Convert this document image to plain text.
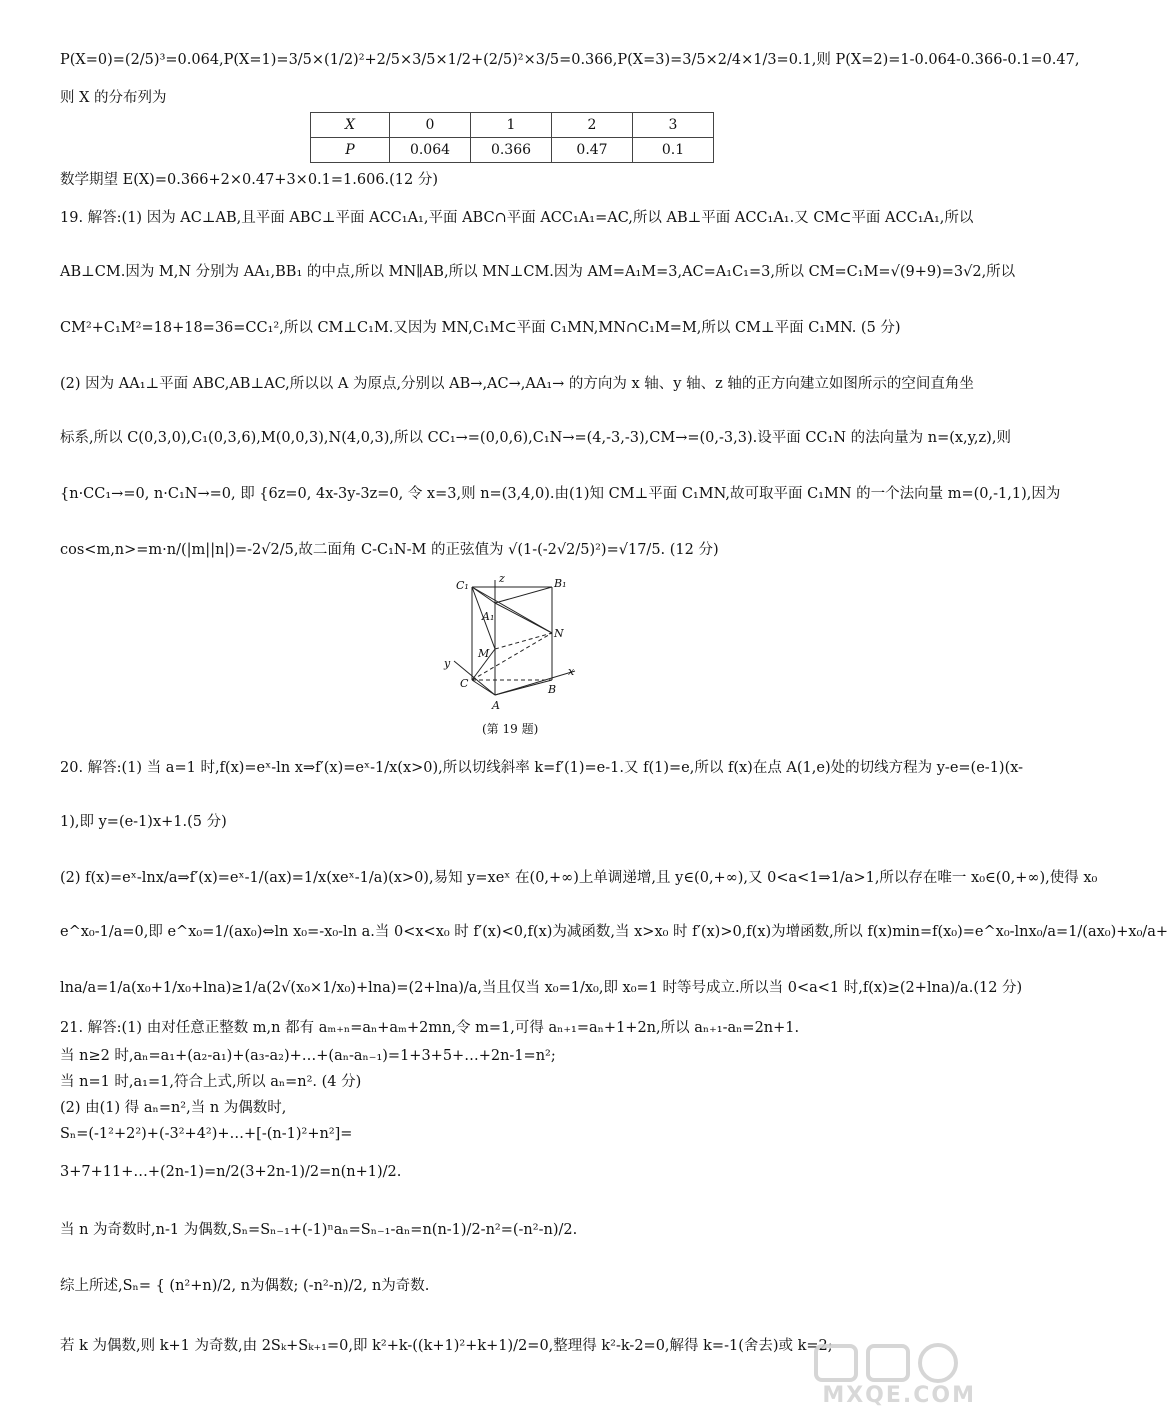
P(X=0)=(2/5)³=0.064,P(X=1)=3/5×(1/2)²+2/5×3/5×1/2+(2/5)²×3/5=0.366,P(X=3)=3/5×2/4×1/3=0.1,则 P(X=2)=1-0.064-0.366-0.1=0.47,
则 X 的分布列为
X	0	1	2	3
P	0.064	0.366	0.47	0.1
数学期望 E(X)=0.366+2×0.47+3×0.1=1.606.(12 分)
19. 解答:(1) 因为 AC⊥AB,且平面 ABC⊥平面 ACC₁A₁,平面 ABC∩平面 ACC₁A₁=AC,所以 AB⊥平面 ACC₁A₁.又 CM⊂平面 ACC₁A₁,所以
AB⊥CM.因为 M,N 分别为 AA₁,BB₁ 的中点,所以 MN∥AB,所以 MN⊥CM.因为 AM=A₁M=3,AC=A₁C₁=3,所以 CM=C₁M=√(9+9)=3√2,所以
CM²+C₁M²=18+18=36=CC₁²,所以 CM⊥C₁M.又因为 MN,C₁M⊂平面 C₁MN,MN∩C₁M=M,所以 CM⊥平面 C₁MN. (5 分)
(2) 因为 AA₁⊥平面 ABC,AB⊥AC,所以以 A 为原点,分别以 AB→,AC→,AA₁→ 的方向为 x 轴、y 轴、z 轴的正方向建立如图所示的空间直角坐
标系,所以 C(0,3,0),C₁(0,3,6),M(0,0,3),N(4,0,3),所以 CC₁→=(0,0,6),C₁N→=(4,-3,-3),CM→=(0,-3,3).设平面 CC₁N 的法向量为 n=(x,y,z),则
{n·CC₁→=0, n·C₁N→=0, 即 {6z=0, 4x-3y-3z=0, 令 x=3,则 n=(3,4,0).由(1)知 CM⊥平面 C₁MN,故可取平面 C₁MN 的一个法向量 m=(0,-1,1),因为
cos<m,n>=m·n/(|m||n|)=-2√2/5,故二面角 C-C₁N-M 的正弦值为 √(1-(-2√2/5)²)=√17/5. (12 分)
C₁
z	B₁
A₁
N
M
y
C	B
x
A
(第 19 题)
20. 解答:(1) 当 a=1 时,f(x)=eˣ-ln x⇒f′(x)=eˣ-1/x(x>0),所以切线斜率 k=f′(1)=e-1.又 f(1)=e,所以 f(x)在点 A(1,e)处的切线方程为 y-e=(e-1)(x-
1),即 y=(e-1)x+1.(5 分)
(2) f(x)=eˣ-lnx/a⇒f′(x)=eˣ-1/(ax)=1/x(xeˣ-1/a)(x>0),易知 y=xeˣ 在(0,+∞)上单调递增,且 y∈(0,+∞),又 0<a<1⇒1/a>1,所以存在唯一 x₀∈(0,+∞),使得 x₀
e^x₀-1/a=0,即 e^x₀=1/(ax₀)⇔ln x₀=-x₀-ln a.当 0<x<x₀ 时 f′(x)<0,f(x)为减函数,当 x>x₀ 时 f′(x)>0,f(x)为增函数,所以 f(x)min=f(x₀)=e^x₀-lnx₀/a=1/(ax₀)+x₀/a+
lna/a=1/a(x₀+1/x₀+lna)≥1/a(2√(x₀×1/x₀)+lna)=(2+lna)/a,当且仅当 x₀=1/x₀,即 x₀=1 时等号成立.所以当 0<a<1 时,f(x)≥(2+lna)/a.(12 分)
21. 解答:(1) 由对任意正整数 m,n 都有 aₘ₊ₙ=aₙ+aₘ+2mn,令 m=1,可得 aₙ₊₁=aₙ+1+2n,所以 aₙ₊₁-aₙ=2n+1.
当 n≥2 时,aₙ=a₁+(a₂-a₁)+(a₃-a₂)+…+(aₙ-aₙ₋₁)=1+3+5+…+2n-1=n²;
当 n=1 时,a₁=1,符合上式,所以 aₙ=n². (4 分)
(2) 由(1) 得 aₙ=n²,当 n 为偶数时,
Sₙ=(-1²+2²)+(-3²+4²)+…+[-(n-1)²+n²]=
3+7+11+…+(2n-1)=n/2(3+2n-1)/2=n(n+1)/2.
当 n 为奇数时,n-1 为偶数,Sₙ=Sₙ₋₁+(-1)ⁿaₙ=Sₙ₋₁-aₙ=n(n-1)/2-n²=(-n²-n)/2.
综上所述,Sₙ= { (n²+n)/2, n为偶数; (-n²-n)/2, n为奇数.
若 k 为偶数,则 k+1 为奇数,由 2Sₖ+Sₖ₊₁=0,即 k²+k-((k+1)²+k+1)/2=0,整理得 k²-k-2=0,解得 k=-1(舍去)或 k=2;
MXQE.COM
